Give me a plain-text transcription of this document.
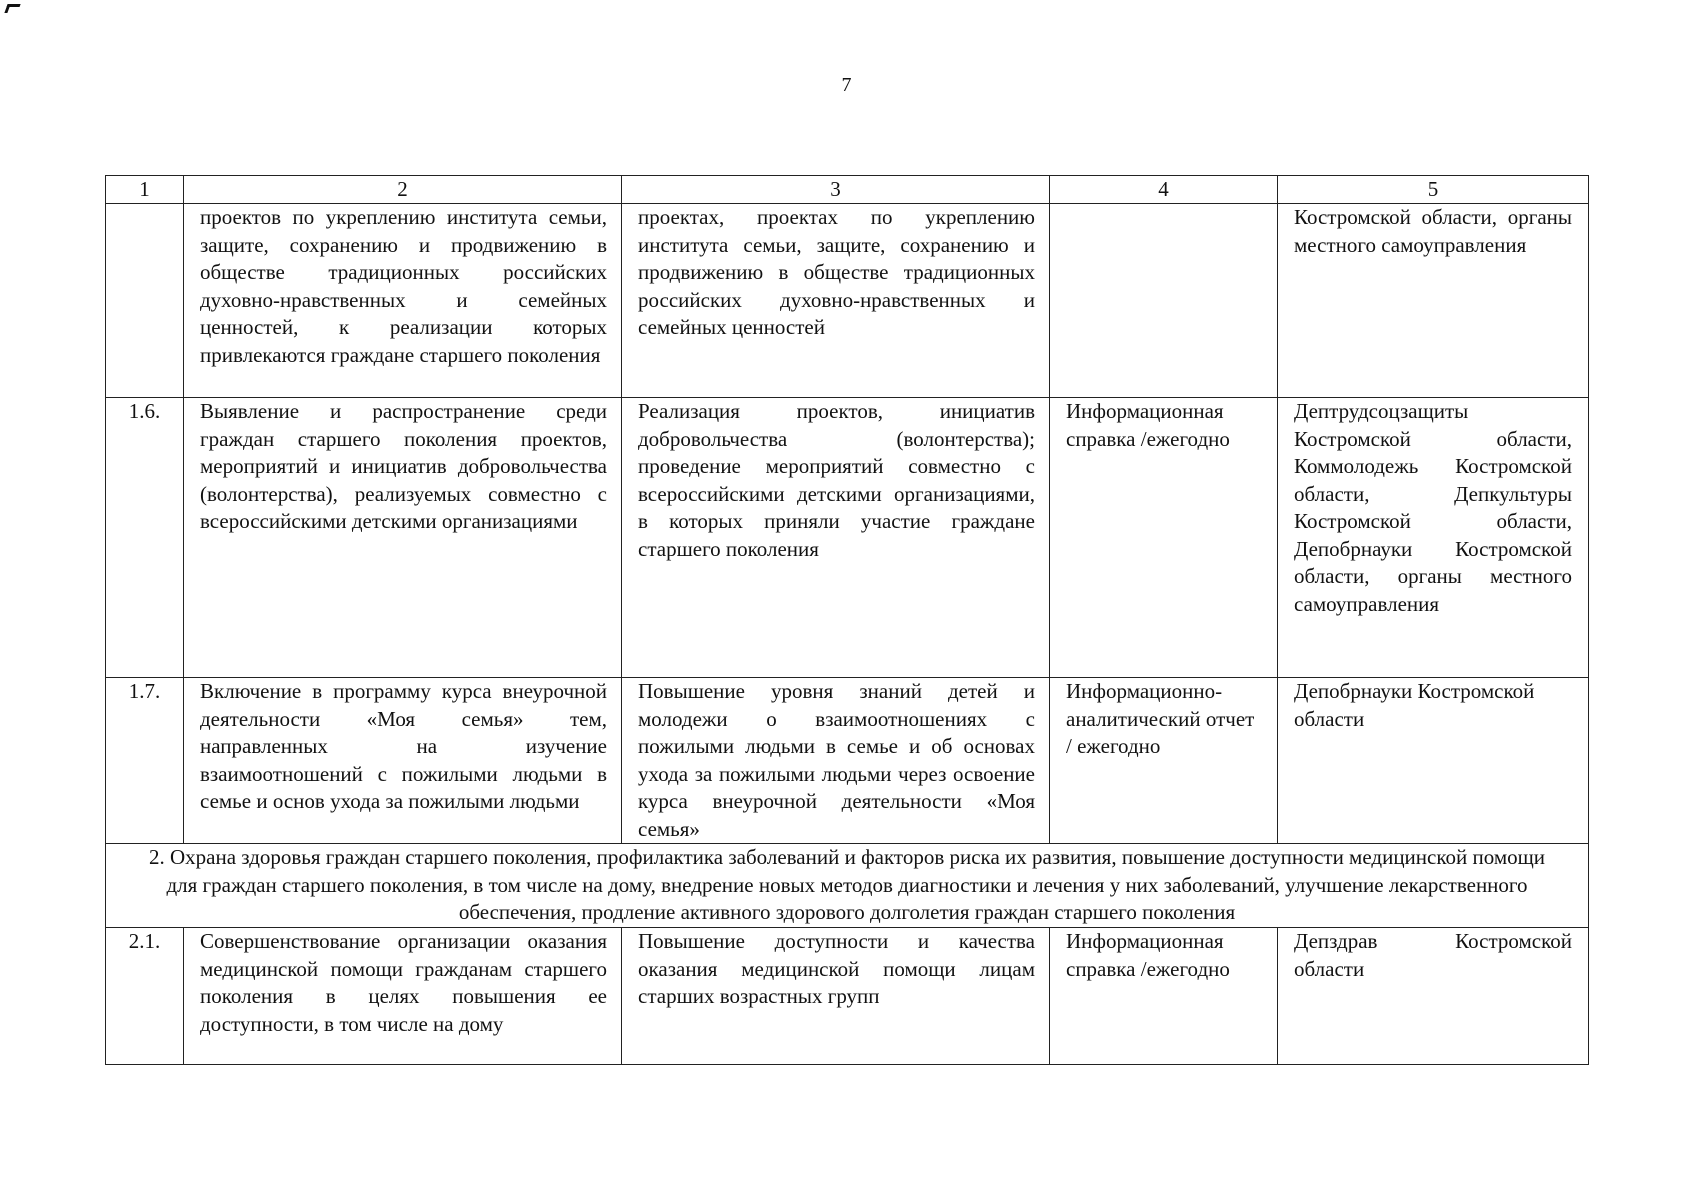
7
1	2	3	4	5
	проектов по укреплению института семьи, защите, сохранению и продвижению в обществе традиционных российских духовно-нравственных и семейных ценностей, к реализации которых привлекаются граждане старшего поколения	проектах, проектах по укреплению института семьи, защите, сохранению и продвижению в обществе традиционных российских духовно-нравственных и семейных ценностей		Костромской области, органы местного самоуправления
1.6.	Выявление и распространение среди граждан старшего поколения проектов, мероприятий и инициатив добровольчества (волонтерства), реализуемых совместно с всероссийскими детскими организациями	Реализация проектов, инициатив добровольчества (волонтерства); проведение мероприятий совместно с всероссийскими детскими организациями, в которых приняли участие граждане старшего поколения	Информационная справка /ежегодно	Дептрудсоцзащиты Костромской области, Коммолодежь Костромской области, Депкультуры Костромской области, Депобрнауки Костромской области, органы местного самоуправления
1.7.	Включение в программу курса внеурочной деятельности «Моя семья» тем, направленных на изучение взаимоотношений с пожилыми людьми в семье и основ ухода за пожилыми людьми	Повышение уровня знаний детей и молодежи о взаимоотношениях с пожилыми людьми в семье и об основах ухода за пожилыми людьми через освоение курса внеурочной деятельности «Моя семья»	Информационно-аналитический отчет / ежегодно	Депобрнауки Костромской области
2. Охрана здоровья граждан старшего поколения, профилактика заболеваний и факторов риска их развития, повышение доступности медицинской помощи для граждан старшего поколения, в том числе на дому, внедрение новых методов диагностики и лечения у них заболеваний, улучшение лекарственного обеспечения, продление активного здорового долголетия граждан старшего поколения				
2.1.	Совершенствование организации оказания медицинской помощи гражданам старшего поколения в целях повышения ее доступности, в том числе на дому	Повышение доступности и качества оказания медицинской помощи лицам старших возрастных групп	Информационная справка /ежегодно	Депздрав Костромской области
